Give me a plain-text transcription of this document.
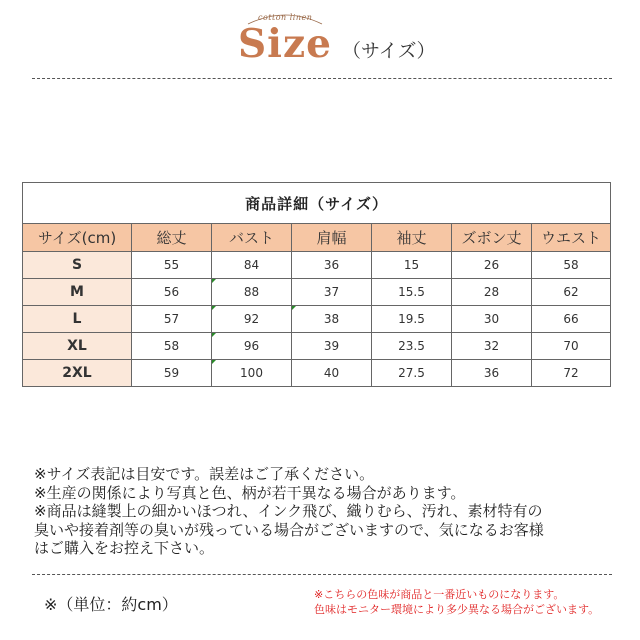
cotton linen
Size （サイズ）
商品詳細（サイズ）						
サイズ(cm)	総丈	バスト	肩幅	袖丈	ズボン丈	ウエスト
S	55	84	36	15	26	58
M	56	88	37	15.5	28	62
L	57	92	38	19.5	30	66
XL	58	96	39	23.5	32	70
2XL	59	100	40	27.5	36	72

※サイズ表記は目安です。誤差はご了承ください。

※生産の関係により写真と色、柄が若干異なる場合があります。

※商品は縫製上の細かいほつれ、インク飛び、織りむら、汚れ、素材特有の

臭いや接着剤等の臭いが残っている場合がございますので、気になるお客様

はご購入をお控え下さい。

※（単位：約cm）

※こちらの色味が商品と一番近いものになります。

色味はモニター環境により多少異なる場合がございます。
